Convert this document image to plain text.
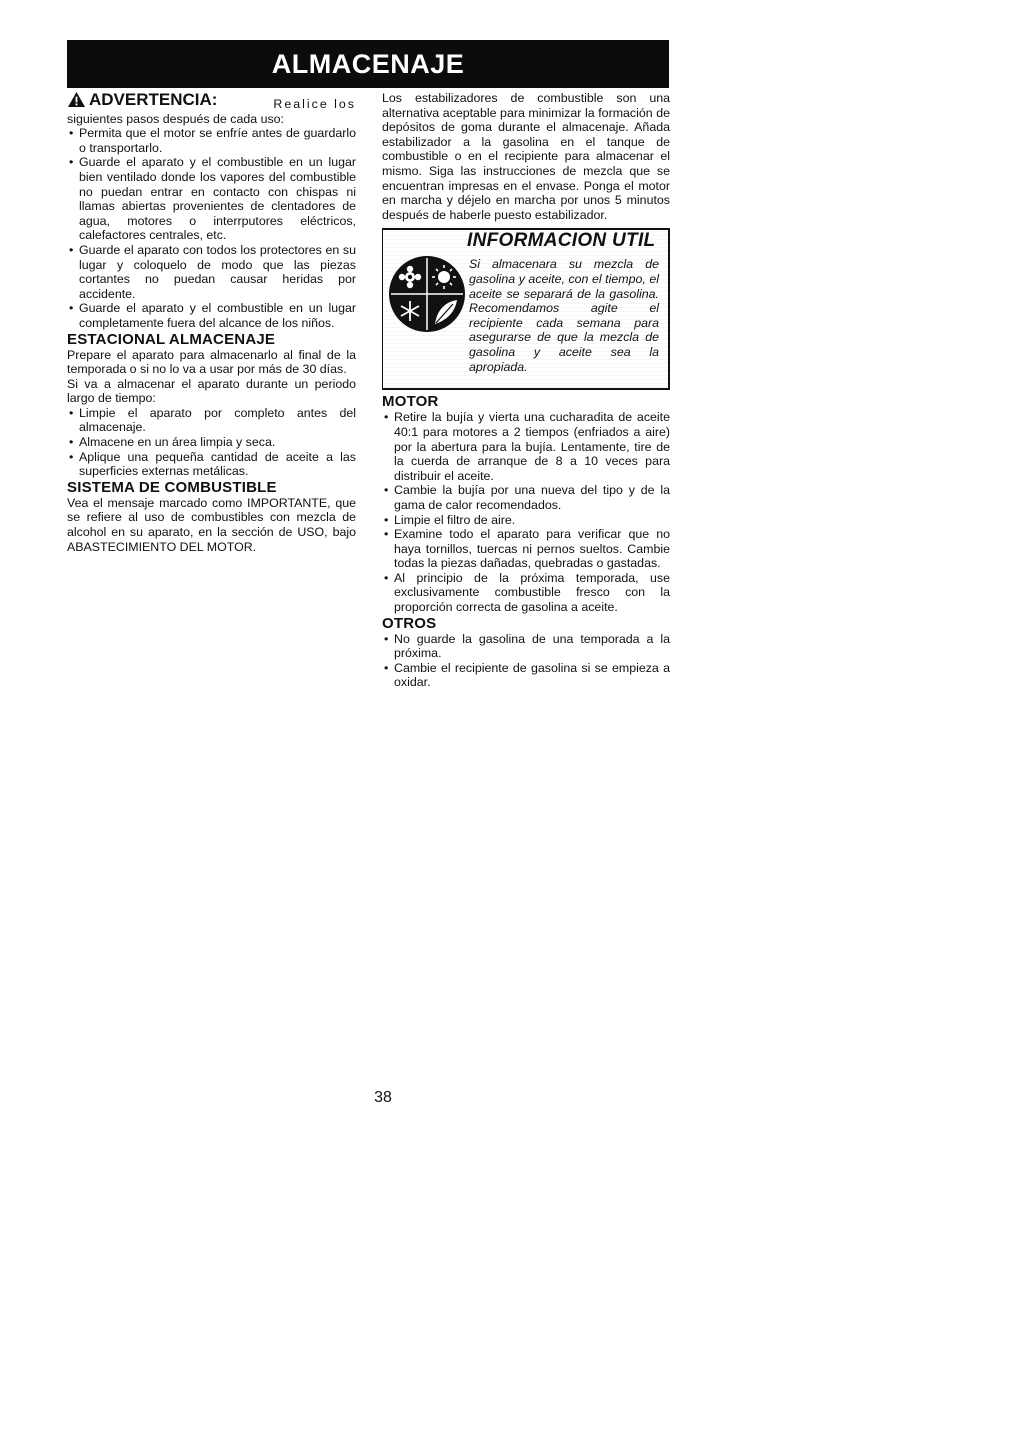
ALMACENAJE
ADVERTENCIA:	Realice los

siguientes pasos después de cada uso:

• Permita que el motor se enfríe antes de guardarlo o transportarlo.
• Guarde el aparato y el combustible en un lugar bien ventilado donde los vapores del combustible no puedan entrar en contacto con chispas ni llamas abiertas provenientes de clentadores de agua, motores o interrputores eléctricos, calefactores centrales, etc.
• Guarde el aparato con todos los protectores en su lugar y coloquelo de modo que las piezas cortantes no puedan causar heridas por accidente.
• Guarde el aparato y el combustible en un lugar completamente fuera del alcance de los niños.
ESTACIONAL ALMACENAJE

Prepare el aparato para almacenarlo al final de la temporada o si no lo va a usar por más de 30 días.

Si va a almacenar el aparato durante un periodo largo de tiempo:

• Limpie el aparato por completo antes del almacenaje.
• Almacene en un área limpia y seca.
• Aplique una pequeña cantidad de aceite a las superficies externas metálicas.
SISTEMA DE COMBUSTIBLE

Vea el mensaje marcado como IMPORTANTE, que se refiere al uso de combustibles con mezcla de alcohol en su aparato, en la sección de USO, bajo ABASTECIMIENTO DEL MOTOR.

Los estabilizadores de combustible son una alternativa aceptable para minimizar la formación de depósitos de goma durante el almacenaje. Añada estabilizador a la gasolina en el tanque de combustible o en el recipiente para almacenar el mismo. Siga las instrucciones de mezcla que se encuentran impresas en el envase. Ponga el motor en marcha y déjelo en marcha por unos 5 minutos después de haberle puesto estabilizador.

INFORMACION UTIL
Si almacenara su mezcla de gasolina y aceite, con el tiempo, el aceite se separará de la gasolina. Recomendamos agite el recipiente cada semana para asegurarse de que la mezcla de gasolina y aceite sea la apropiada.
MOTOR
• Retire la bujía y vierta una cucharadita de aceite 40:1 para motores a 2 tiempos (enfriados a aire) por la abertura para la bujía. Lentamente, tire de la cuerda de arranque de 8 a 10 veces para distribuir el aceite.
• Cambie la bujía por una nueva del tipo y de la gama de calor recomendados.
• Limpie el filtro de aire.
• Examine todo el aparato para verificar que no haya tornillos, tuercas ni pernos sueltos. Cambie todas la piezas dañadas, quebradas o gastadas.
• Al principio de la próxima temporada, use exclusivamente combustible fresco con la proporción correcta de gasolina a aceite.
OTROS
• No guarde la gasolina de una temporada a la próxima.
• Cambie el recipiente de gasolina si se empieza a oxidar.
38
